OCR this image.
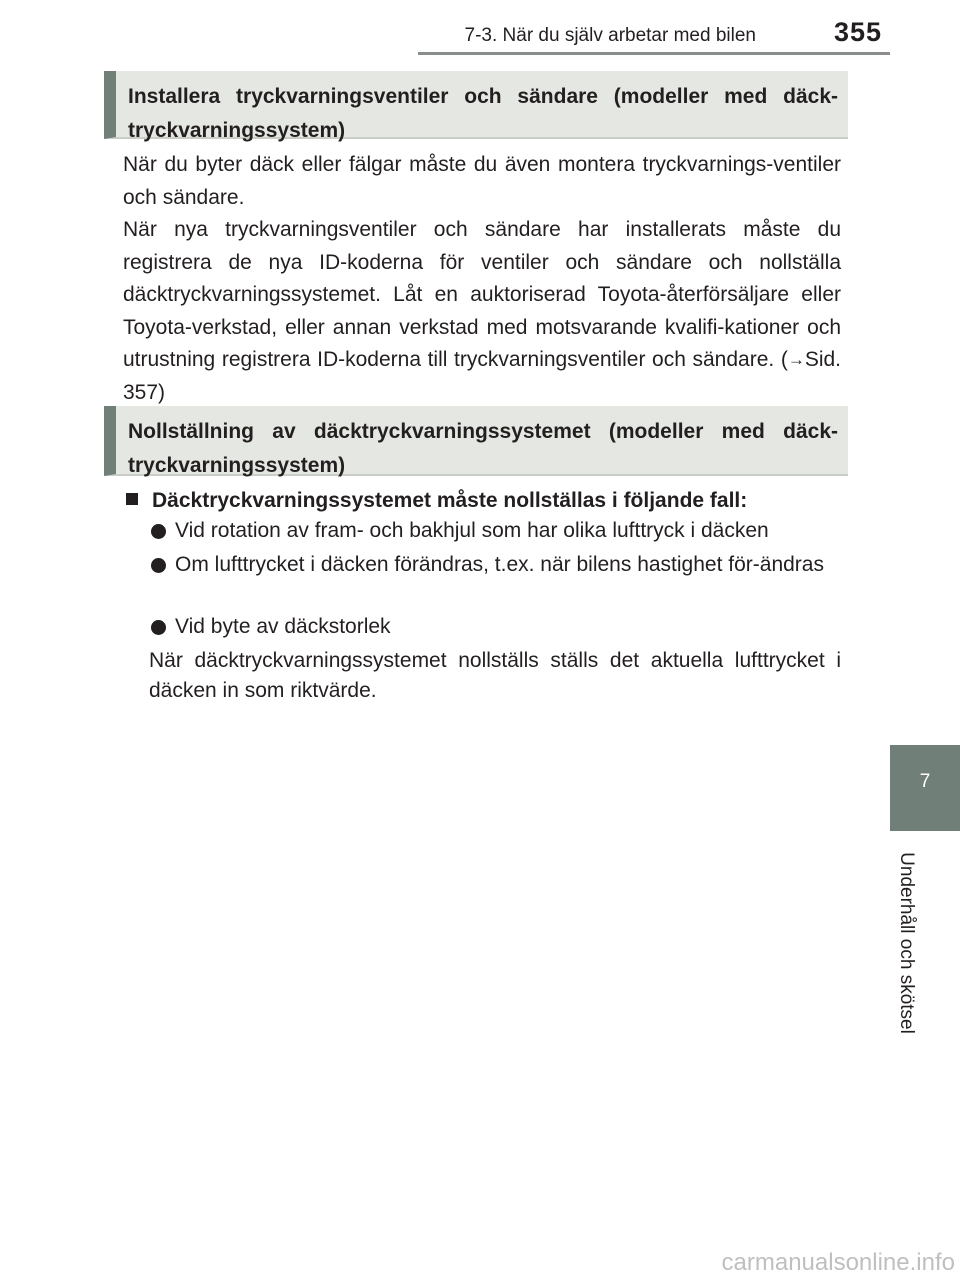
7-3. När du själv arbetar med bilen	355
7
Underhåll och skötsel
Installera tryckvarningsventiler och sändare (modeller med däck-tryckvarningssystem)
När du byter däck eller fälgar måste du även montera tryckvarnings-ventiler och sändare.
När nya tryckvarningsventiler och sändare har installerats måste du registrera de nya ID-koderna för ventiler och sändare och nollställa däcktryckvarningssystemet. Låt en auktoriserad Toyota-återförsäljare eller Toyota-verkstad, eller annan verkstad med motsvarande kvalifi-kationer och utrustning registrera ID-koderna till tryckvarningsventiler och sändare. (→Sid. 357)
Nollställning av däcktryckvarningssystemet (modeller med däck-tryckvarningssystem)
Däcktryckvarningssystemet måste nollställas i följande fall:
Vid rotation av fram- och bakhjul som har olika lufttryck i däcken
Om lufttrycket i däcken förändras, t.ex. när bilens hastighet för-ändras
Vid byte av däckstorlek
När däcktryckvarningssystemet nollställs ställs det aktuella lufttrycket i däcken in som riktvärde.
carmanualsonline.info
